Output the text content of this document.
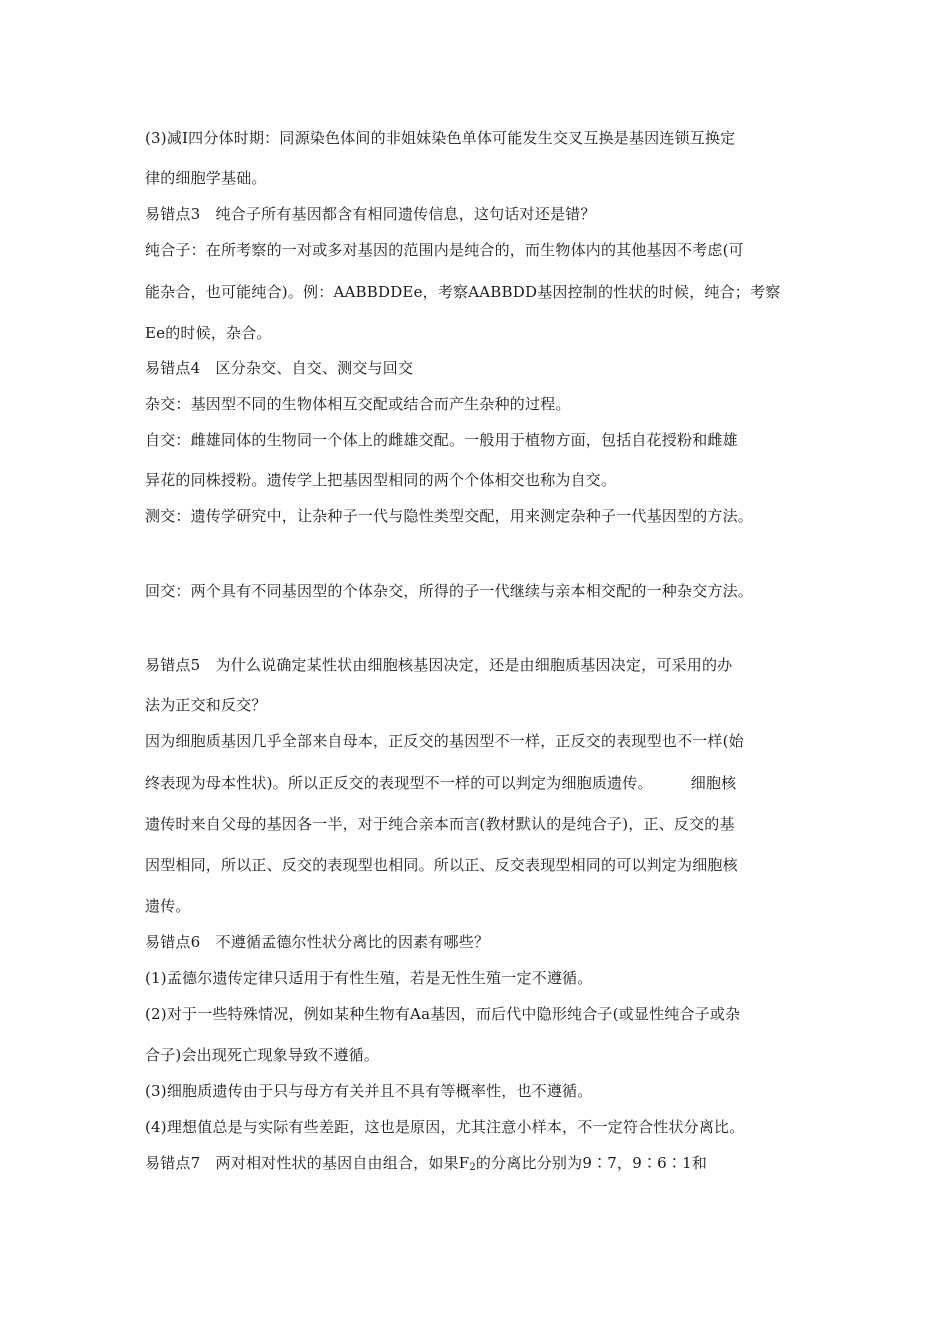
(3)减Ⅰ四分体时期：同源染色体间的非姐妹染色单体可能发生交叉互换是基因连锁互换定
律的细胞学基础。
易错点3　纯合子所有基因都含有相同遗传信息，这句话对还是错？
纯合子：在所考察的一对或多对基因的范围内是纯合的，而生物体内的其他基因不考虑(可
能杂合，也可能纯合)。例：AABBDDEe，考察AABBDD基因控制的性状的时候，纯合；考察
Ee的时候，杂合。
易错点4　区分杂交、自交、测交与回交
杂交：基因型不同的生物体相互交配或结合而产生杂种的过程。
自交：雌雄同体的生物同一个体上的雌雄交配。一般用于植物方面，包括自花授粉和雌雄
异花的同株授粉。遗传学上把基因型相同的两个个体相交也称为自交。
测交：遗传学研究中，让杂种子一代与隐性类型交配，用来测定杂种子一代基因型的方法。
回交：两个具有不同基因型的个体杂交，所得的子一代继续与亲本相交配的一种杂交方法。
易错点5　为什么说确定某性状由细胞核基因决定，还是由细胞质基因决定，可采用的办
法为正交和反交？
因为细胞质基因几乎全部来自母本，正反交的基因型不一样，正反交的表现型也不一样(始
终表现为母本性状)。所以正反交的表现型不一样的可以判定为细胞质遗传。　　　细胞核
遗传时来自父母的基因各一半，对于纯合亲本而言(教材默认的是纯合子)，正、反交的基
因型相同，所以正、反交的表现型也相同。所以正、反交表现型相同的可以判定为细胞核
遗传。
易错点6　不遵循孟德尔性状分离比的因素有哪些？
(1)孟德尔遗传定律只适用于有性生殖，若是无性生殖一定不遵循。
(2)对于一些特殊情况，例如某种生物有Aa基因，而后代中隐形纯合子(或显性纯合子或杂
合子)会出现死亡现象导致不遵循。
(3)细胞质遗传由于只与母方有关并且不具有等概率性，也不遵循。
(4)理想值总是与实际有些差距，这也是原因，尤其注意小样本，不一定符合性状分离比。
易错点7　两对相对性状的基因自由组合，如果$F_2$的分离比分别为9∶7，9∶6∶1和
